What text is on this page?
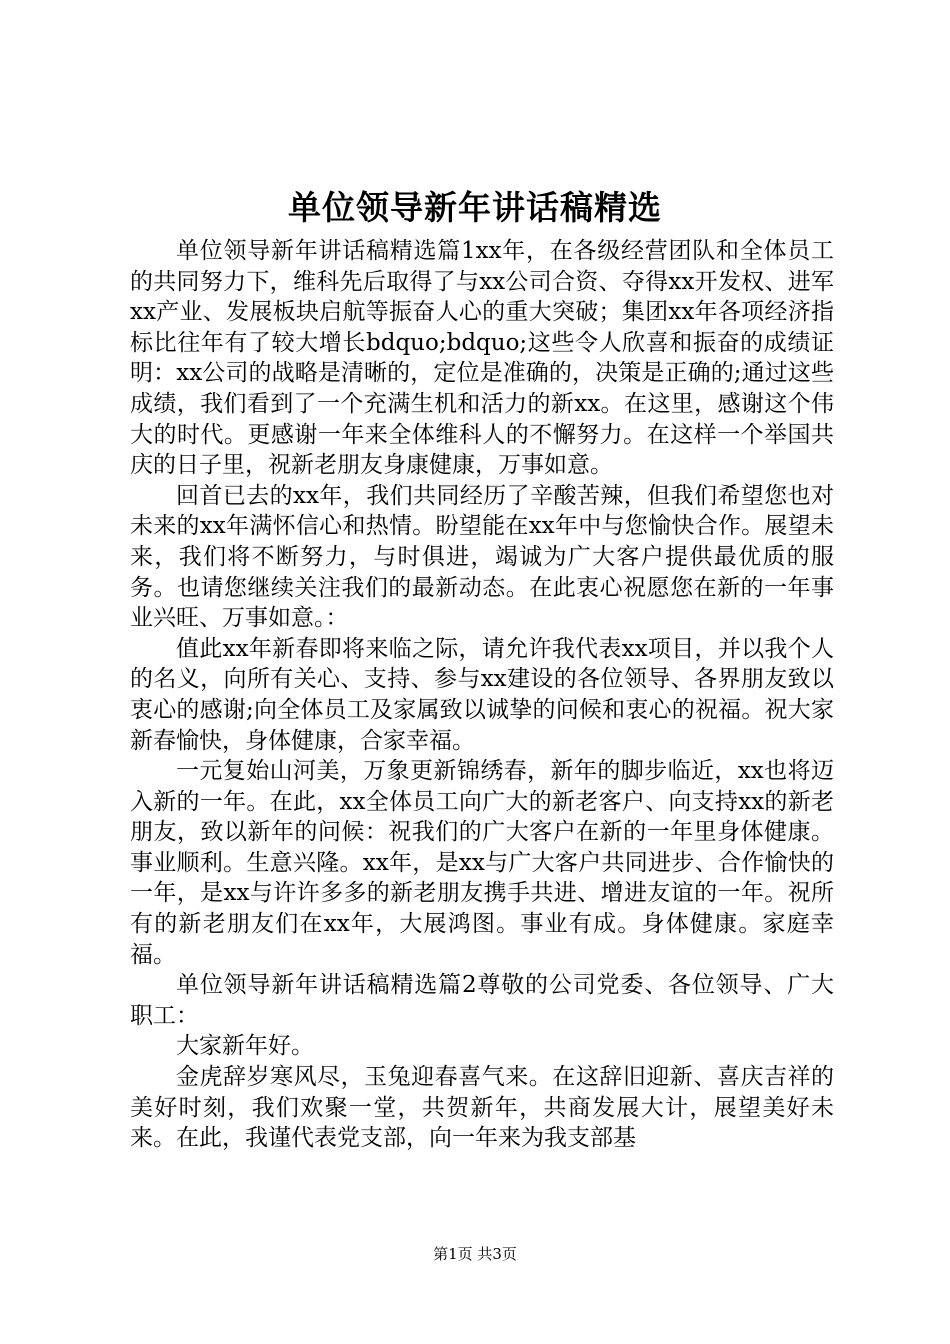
单位领导新年讲话稿精选

单位领导新年讲话稿精选篇1xx年，在各级经营团队和全体员工的共同努力下，维科先后取得了与xx公司合资、夺得xx开发权、进军xx产业、发展板块启航等振奋人心的重大突破；集团xx年各项经济指标比往年有了较大增长bdquo;bdquo;这些令人欣喜和振奋的成绩证明：xx公司的战略是清晰的，定位是准确的，决策是正确的;通过这些成绩，我们看到了一个充满生机和活力的新xx。在这里，感谢这个伟大的时代。更感谢一年来全体维科人的不懈努力。在这样一个举国共庆的日子里，祝新老朋友身康健康，万事如意。

回首已去的xx年，我们共同经历了辛酸苦辣，但我们希望您也对未来的xx年满怀信心和热情。盼望能在xx年中与您愉快合作。展望未来，我们将不断努力，与时俱进，竭诚为广大客户提供最优质的服务。也请您继续关注我们的最新动态。在此衷心祝愿您在新的一年事业兴旺、万事如意。：

值此xx年新春即将来临之际，请允许我代表xx项目，并以我个人的名义，向所有关心、支持、参与xx建设的各位领导、各界朋友致以衷心的感谢;向全体员工及家属致以诚挚的问候和衷心的祝福。祝大家新春愉快，身体健康，合家幸福。

一元复始山河美，万象更新锦绣春，新年的脚步临近，xx也将迈入新的一年。在此，xx全体员工向广大的新老客户、向支持xx的新老朋友，致以新年的问候：祝我们的广大客户在新的一年里身体健康。事业顺利。生意兴隆。xx年，是xx与广大客户共同进步、合作愉快的一年，是xx与许许多多的新老朋友携手共进、增进友谊的一年。祝所有的新老朋友们在xx年，大展鸿图。事业有成。身体健康。家庭幸福。

单位领导新年讲话稿精选篇2尊敬的公司党委、各位领导、广大职工：

大家新年好。

金虎辞岁寒风尽，玉兔迎春喜气来。在这辞旧迎新、喜庆吉祥的美好时刻，我们欢聚一堂，共贺新年，共商发展大计，展望美好未来。在此，我谨代表党支部，向一年来为我支部基

第1页 共3页
